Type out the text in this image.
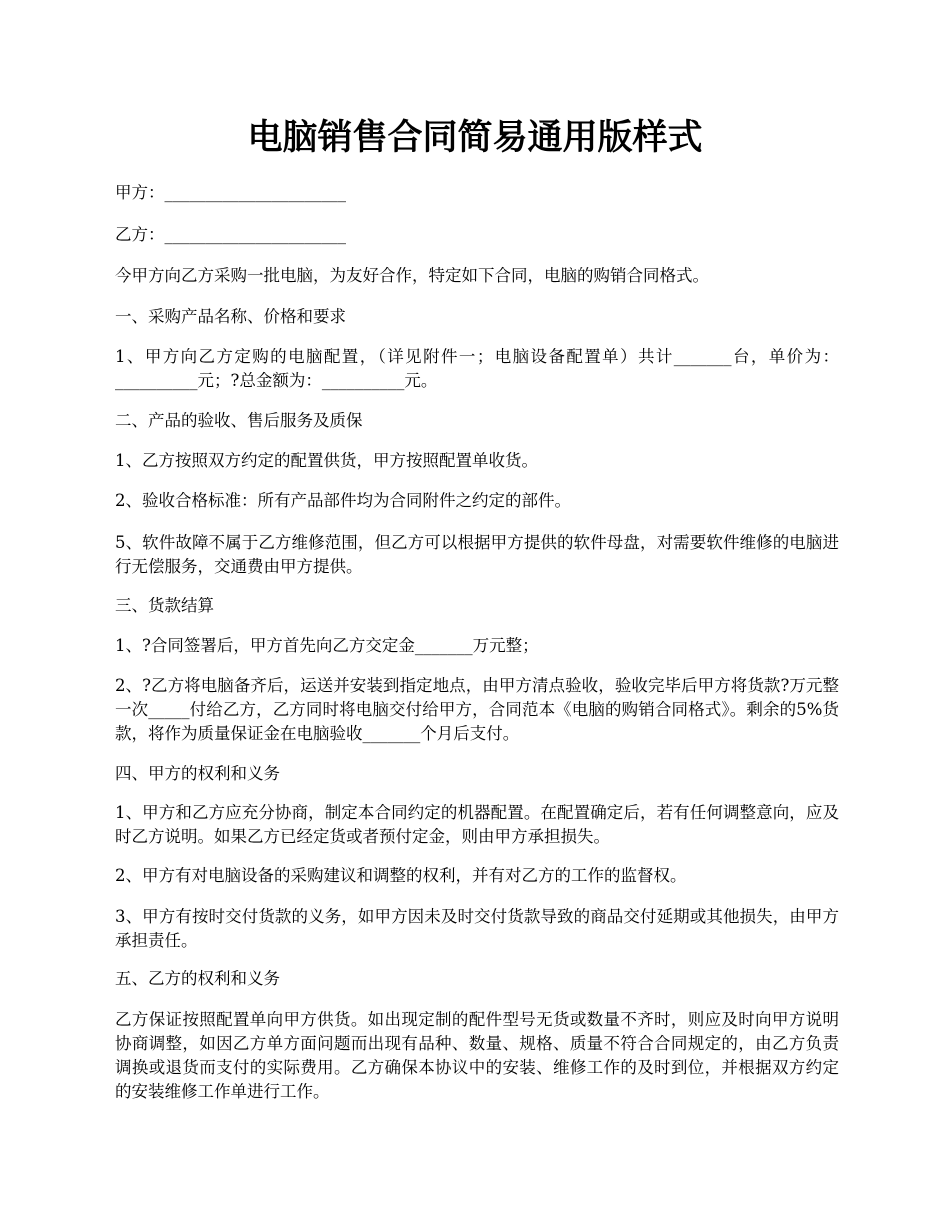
电脑销售合同简易通用版样式

甲方：______________________

乙方：______________________

今甲方向乙方采购一批电脑，为友好合作，特定如下合同，电脑的购销合同格式。

一、采购产品名称、价格和要求

1、甲方向乙方定购的电脑配置，（详见附件一；电脑设备配置单）共计_______台，单价为：__________元；?总金额为：__________元。

二、产品的验收、售后服务及质保

1、乙方按照双方约定的配置供货，甲方按照配置单收货。

2、验收合格标准：所有产品部件均为合同附件之约定的部件。

5、软件故障不属于乙方维修范围，但乙方可以根据甲方提供的软件母盘，对需要软件维修的电脑进行无偿服务，交通费由甲方提供。

三、货款结算

1、?合同签署后，甲方首先向乙方交定金_______万元整；

2、?乙方将电脑备齐后，运送并安装到指定地点，由甲方清点验收，验收完毕后甲方将货款?万元整一次_____付给乙方，乙方同时将电脑交付给甲方，合同范本《电脑的购销合同格式》。剩余的5%货款，将作为质量保证金在电脑验收_______个月后支付。

四、甲方的权利和义务

1、甲方和乙方应充分协商，制定本合同约定的机器配置。在配置确定后，若有任何调整意向，应及时乙方说明。如果乙方已经定货或者预付定金，则由甲方承担损失。

2、甲方有对电脑设备的采购建议和调整的权利，并有对乙方的工作的监督权。

3、甲方有按时交付货款的义务，如甲方因未及时交付货款导致的商品交付延期或其他损失，由甲方承担责任。

五、乙方的权利和义务

乙方保证按照配置单向甲方供货。如出现定制的配件型号无货或数量不齐时，则应及时向甲方说明协商调整，如因乙方单方面问题而出现有品种、数量、规格、质量不符合合同规定的，由乙方负责调换或退货而支付的实际费用。乙方确保本协议中的安装、维修工作的及时到位，并根据双方约定的安装维修工作单进行工作。
